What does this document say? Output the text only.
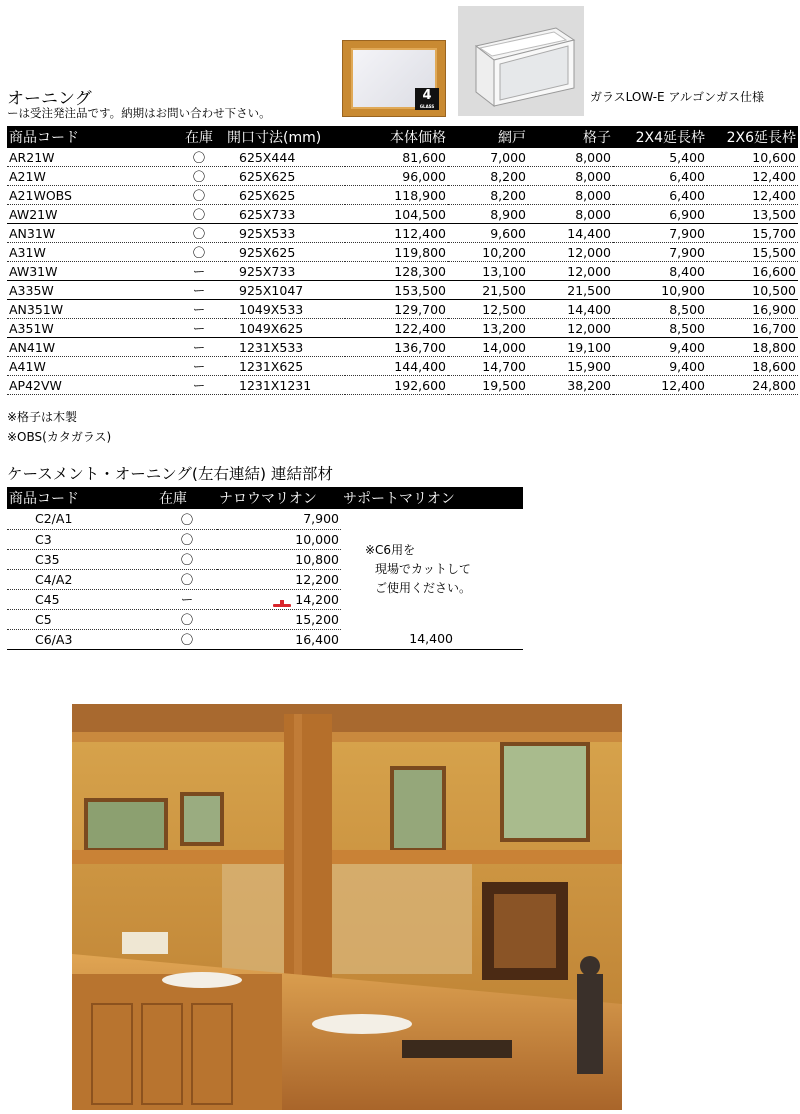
4
GLASS
オーニング
ーは受注発注品です。納期はお問い合わせ下さい。
ガラスLOW-E アルゴンガス仕様
商品コード	在庫	開口寸法(mm)	本体価格	網戸	格子	2X4延長枠	2X6延長枠
AR21W	〇	625X444	81,600	7,000	8,000	5,400	10,600
A21W	〇	625X625	96,000	8,200	8,000	6,400	12,400
A21WOBS	〇	625X625	118,900	8,200	8,000	6,400	12,400
AW21W	〇	625X733	104,500	8,900	8,000	6,900	13,500
AN31W	〇	925X533	112,400	9,600	14,400	7,900	15,700
A31W	〇	925X625	119,800	10,200	12,000	7,900	15,500
AW31W	ー	925X733	128,300	13,100	12,000	8,400	16,600
A335W	ー	925X1047	153,500	21,500	21,500	10,900	10,500
AN351W	ー	1049X533	129,700	12,500	14,400	8,500	16,900
A351W	ー	1049X625	122,400	13,200	12,000	8,500	16,700
AN41W	ー	1231X533	136,700	14,000	19,100	9,400	18,800
A41W	ー	1231X625	144,400	14,700	15,900	9,400	18,600
AP42VW	ー	1231X1231	192,600	19,500	38,200	12,400	24,800
※格子は木製
※OBS(カタガラス)
ケースメント・オーニング(左右連結) 連結部材
商品コード	在庫	ナロウマリオン	サポートマリオン
C2/A1	〇	7,900	
C3	〇	10,000	
C35	〇	10,800	
C4/A2	〇	12,200	
C45	ー	14,200	
C5	〇	15,200	
C6/A3	〇	16,400	14,400
※C6用を
現場でカットして
ご使用ください。
